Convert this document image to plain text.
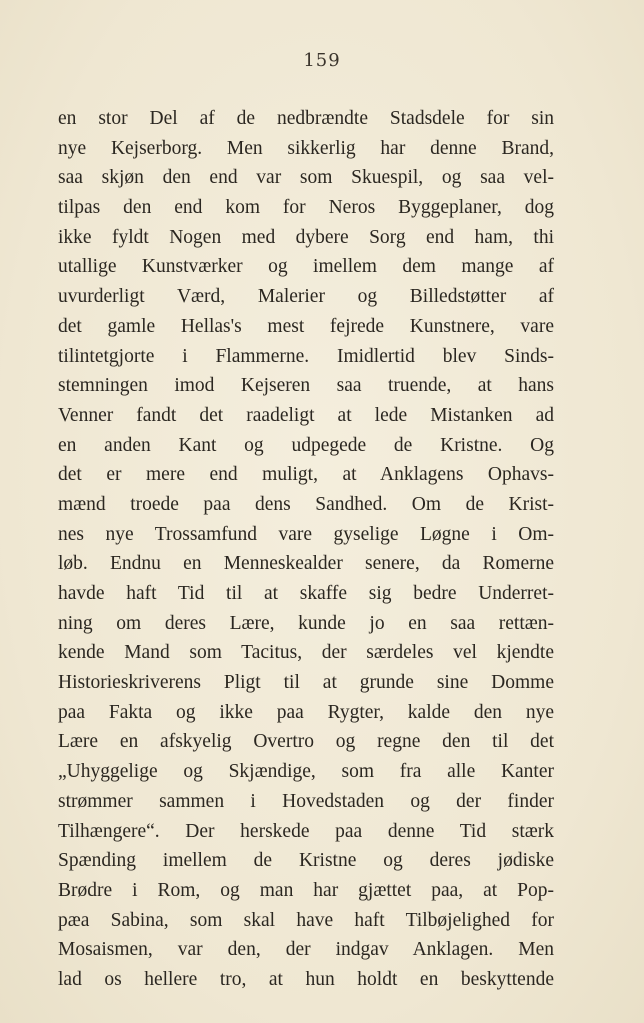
159
en stor Del af de nedbrændte Stadsdele for sin
nye Kejserborg. Men sikkerlig har denne Brand,
saa skjøn den end var som Skuespil, og saa vel-
tilpas den end kom for Neros Byggeplaner, dog
ikke fyldt Nogen med dybere Sorg end ham, thi
utallige Kunstværker og imellem dem mange af
uvurderligt Værd, Malerier og Billedstøtter af
det gamle Hellas's mest fejrede Kunstnere, vare
tilintetgjorte i Flammerne. Imidlertid blev Sinds-
stemningen imod Kejseren saa truende, at hans
Venner fandt det raadeligt at lede Mistanken ad
en anden Kant og udpegede de Kristne. Og
det er mere end muligt, at Anklagens Ophavs-
mænd troede paa dens Sandhed. Om de Krist-
nes nye Trossamfund vare gyselige Løgne i Om-
løb. Endnu en Menneskealder senere, da Romerne
havde haft Tid til at skaffe sig bedre Underret-
ning om deres Lære, kunde jo en saa rettæn-
kende Mand som Tacitus, der særdeles vel kjendte
Historieskriverens Pligt til at grunde sine Domme
paa Fakta og ikke paa Rygter, kalde den nye
Lære en afskyelig Overtro og regne den til det
„Uhyggelige og Skjændige, som fra alle Kanter
strømmer sammen i Hovedstaden og der finder
Tilhængere“. Der herskede paa denne Tid stærk
Spænding imellem de Kristne og deres jødiske
Brødre i Rom, og man har gjættet paa, at Pop-
pæa Sabina, som skal have haft Tilbøjelighed for
Mosaismen, var den, der indgav Anklagen. Men
lad os hellere tro, at hun holdt en beskyttende
